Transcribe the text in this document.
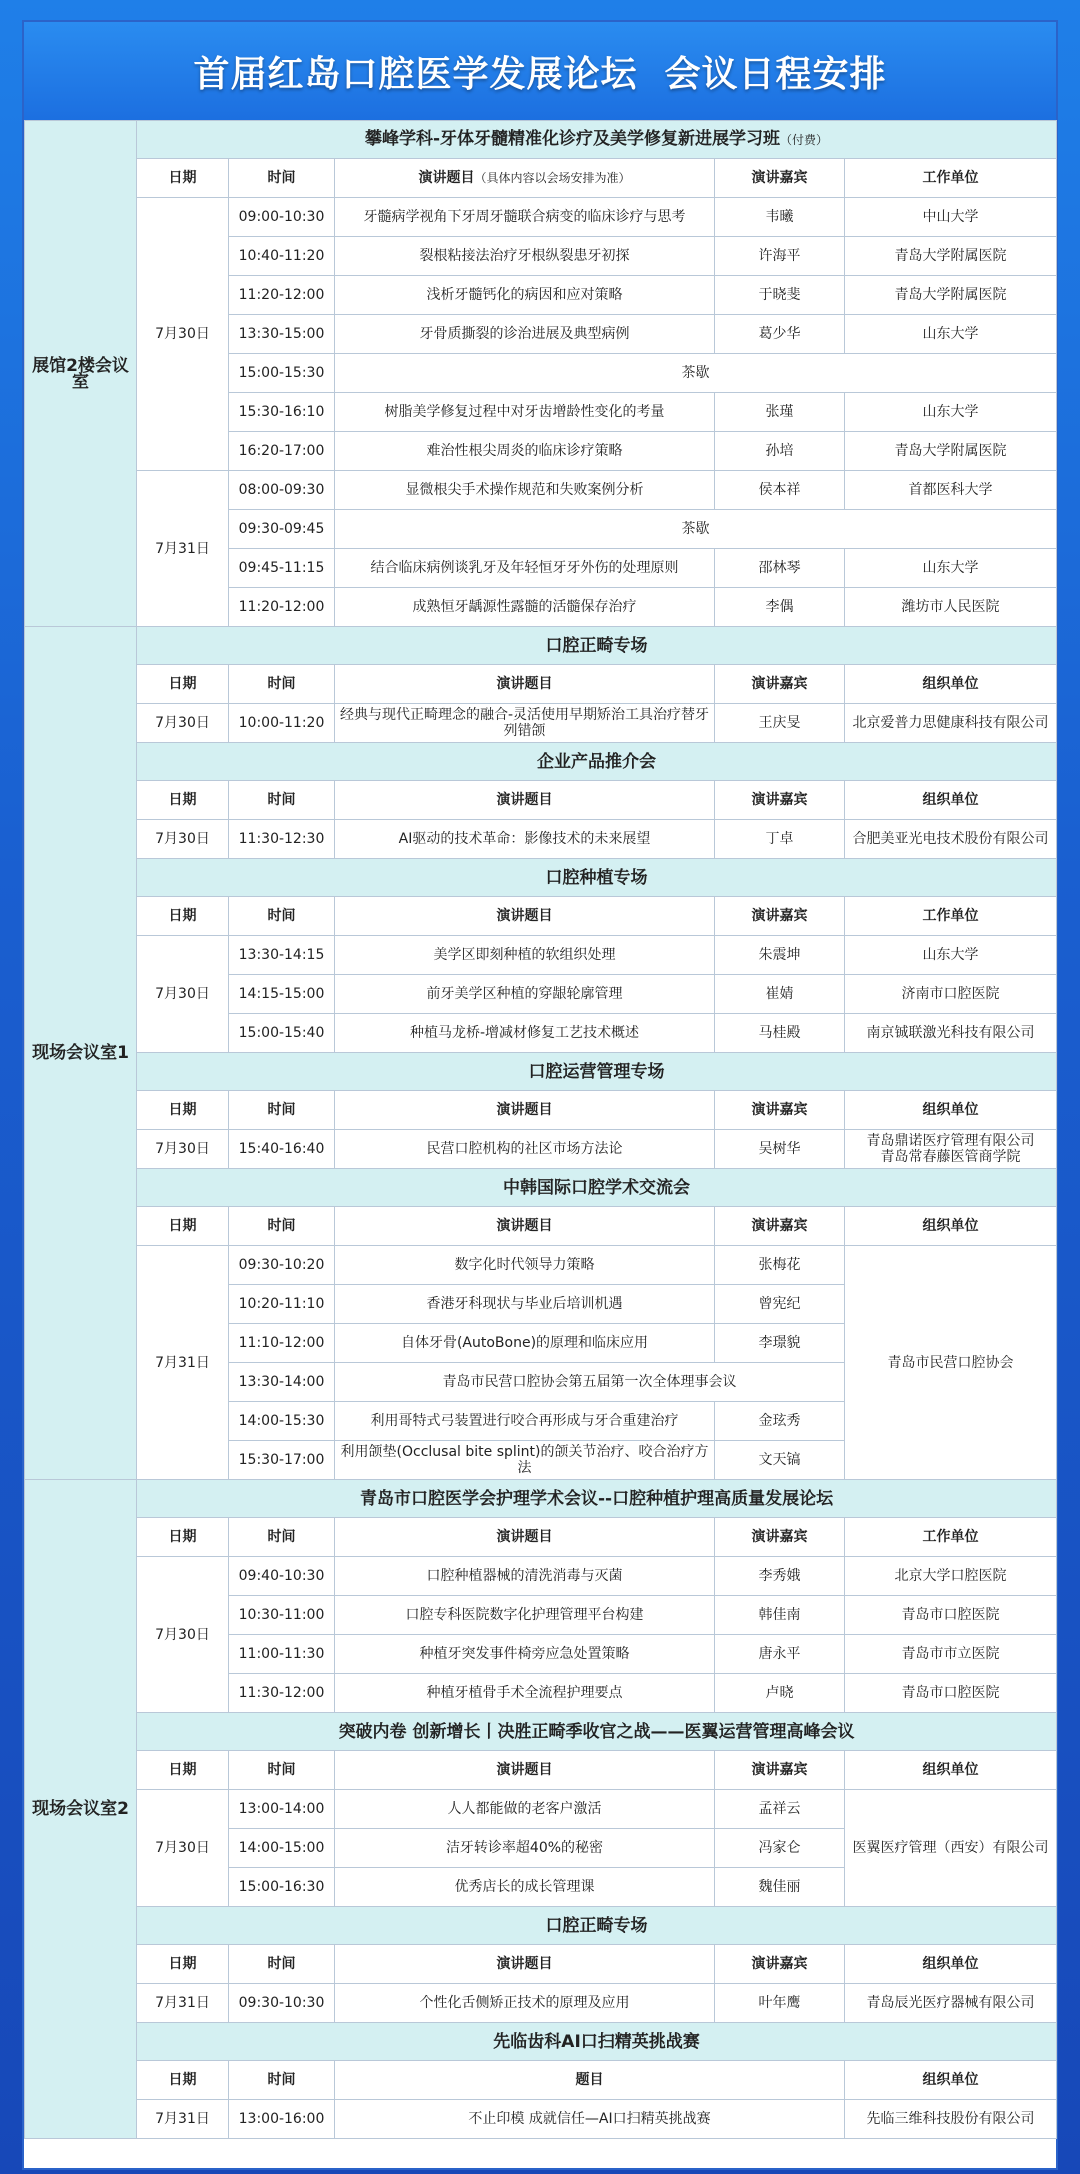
首届红岛口腔医学发展论坛  会议日程安排
展馆2楼会议室	攀峰学科-牙体牙髓精准化诊疗及美学修复新进展学习班（付费）				
	日期	时间	演讲题目（具体内容以会场安排为准）	演讲嘉宾	工作单位
	7月30日	09:00-10:30	牙髓病学视角下牙周牙髓联合病变的临床诊疗与思考	韦曦	中山大学
		10:40-11:20	裂根粘接法治疗牙根纵裂患牙初探	许海平	青岛大学附属医院
		11:20-12:00	浅析牙髓钙化的病因和应对策略	于晓斐	青岛大学附属医院
		13:30-15:00	牙骨质撕裂的诊治进展及典型病例	葛少华	山东大学
		15:00-15:30	茶歇		
		15:30-16:10	树脂美学修复过程中对牙齿增龄性变化的考量	张瑾	山东大学
		16:20-17:00	难治性根尖周炎的临床诊疗策略	孙培	青岛大学附属医院
	7月31日	08:00-09:30	显微根尖手术操作规范和失败案例分析	侯本祥	首都医科大学
		09:30-09:45	茶歇		
		09:45-11:15	结合临床病例谈乳牙及年轻恒牙牙外伤的处理原则	邵林琴	山东大学
		11:20-12:00	成熟恒牙龋源性露髓的活髓保存治疗	李偶	潍坊市人民医院
现场会议室1	口腔正畸专场				
	日期	时间	演讲题目	演讲嘉宾	组织单位
	7月30日	10:00-11:20	经典与现代正畸理念的融合-灵活使用早期矫治工具治疗替牙列错颌	王庆旻	北京爱普力思健康科技有限公司
	企业产品推介会				
	日期	时间	演讲题目	演讲嘉宾	组织单位
	7月30日	11:30-12:30	AI驱动的技术革命：影像技术的未来展望	丁卓	合肥美亚光电技术股份有限公司
	口腔种植专场				
	日期	时间	演讲题目	演讲嘉宾	工作单位
	7月30日	13:30-14:15	美学区即刻种植的软组织处理	朱震坤	山东大学
		14:15-15:00	前牙美学区种植的穿龈轮廓管理	崔婧	济南市口腔医院
		15:00-15:40	种植马龙桥-增减材修复工艺技术概述	马桂殿	南京铖联激光科技有限公司
	口腔运营管理专场				
	日期	时间	演讲题目	演讲嘉宾	组织单位
	7月30日	15:40-16:40	民营口腔机构的社区市场方法论	吴树华	青岛鼎诺医疗管理有限公司
青岛常春藤医管商学院

	中韩国际口腔学术交流会				
	日期	时间	演讲题目	演讲嘉宾	组织单位
	7月31日	09:30-10:20	数字化时代领导力策略	张梅花	青岛市民营口腔协会
		10:20-11:10	香港牙科现状与毕业后培训机遇	曾宪纪	
		11:10-12:00	自体牙骨(AutoBone)的原理和临床应用	李璟貌	
		13:30-14:00	青岛市民营口腔协会第五届第一次全体理事会议		
		14:00-15:30	利用哥特式弓装置进行咬合再形成与牙合重建治疗	金玹秀	
		15:30-17:00	利用颌垫(Occlusal bite splint)的颌关节治疗、咬合治疗方法	文天镐	
现场会议室2	青岛市口腔医学会护理学术会议--口腔种植护理高质量发展论坛				
	日期	时间	演讲题目	演讲嘉宾	工作单位
	7月30日	09:40-10:30	口腔种植器械的清洗消毒与灭菌	李秀娥	北京大学口腔医院
		10:30-11:00	口腔专科医院数字化护理管理平台构建	韩佳南	青岛市口腔医院
		11:00-11:30	种植牙突发事件椅旁应急处置策略	唐永平	青岛市市立医院
		11:30-12:00	种植牙植骨手术全流程护理要点	卢晓	青岛市口腔医院
	突破内卷 创新增长丨决胜正畸季收官之战——医翼运营管理高峰会议				
	日期	时间	演讲题目	演讲嘉宾	组织单位
	7月30日	13:00-14:00	人人都能做的老客户激活	孟祥云	医翼医疗管理（西安）有限公司
		14:00-15:00	洁牙转诊率超40%的秘密	冯家仑	
		15:00-16:30	优秀店长的成长管理课	魏佳丽	
	口腔正畸专场				
	日期	时间	演讲题目	演讲嘉宾	组织单位
	7月31日	09:30-10:30	个性化舌侧矫正技术的原理及应用	叶年鹰	青岛辰光医疗器械有限公司
	先临齿科AI口扫精英挑战赛				
	日期	时间	题目		组织单位
	7月31日	13:00-16:00	不止印模 成就信任—AI口扫精英挑战赛		先临三维科技股份有限公司
